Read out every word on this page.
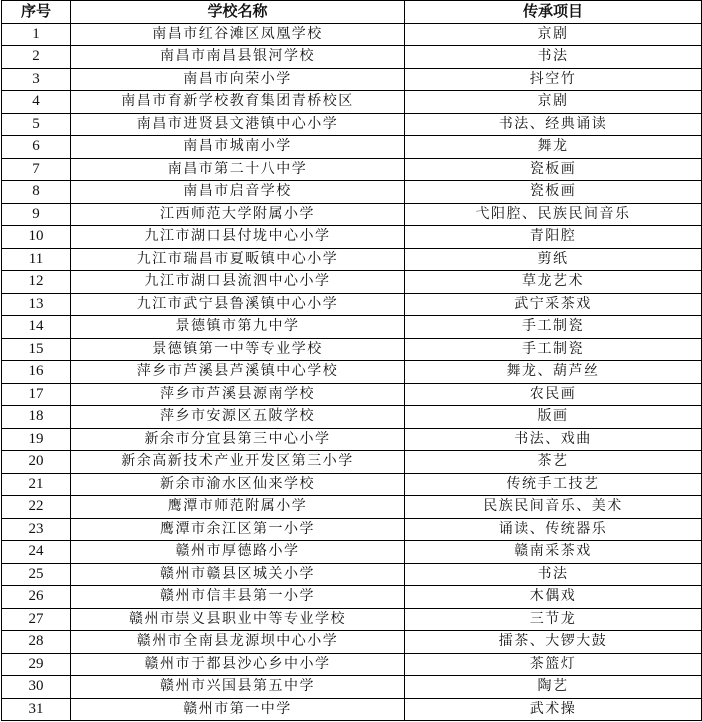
序号	学校名称	传承项目
1	南昌市红谷滩区凤凰学校	京剧
2	南昌市南昌县银河学校	书法
3	南昌市向荣小学	抖空竹
4	南昌市育新学校教育集团青桥校区	京剧
5	南昌市进贤县文港镇中心小学	书法、经典诵读
6	南昌市城南小学	舞龙
7	南昌市第二十八中学	瓷板画
8	南昌市启音学校	瓷板画
9	江西师范大学附属小学	弋阳腔、民族民间音乐
10	九江市湖口县付垅中心小学	青阳腔
11	九江市瑞昌市夏畈镇中心小学	剪纸
12	九江市湖口县流泗中心小学	草龙艺术
13	九江市武宁县鲁溪镇中心小学	武宁采茶戏
14	景德镇市第九中学	手工制瓷
15	景德镇第一中等专业学校	手工制瓷
16	萍乡市芦溪县芦溪镇中心学校	舞龙、葫芦丝
17	萍乡市芦溪县源南学校	农民画
18	萍乡市安源区五陂学校	版画
19	新余市分宜县第三中心小学	书法、戏曲
20	新余高新技术产业开发区第三小学	茶艺
21	新余市渝水区仙来学校	传统手工技艺
22	鹰潭市师范附属小学	民族民间音乐、美术
23	鹰潭市余江区第一小学	诵读、传统器乐
24	赣州市厚德路小学	赣南采茶戏
25	赣州市赣县区城关小学	书法
26	赣州市信丰县第一小学	木偶戏
27	赣州市崇义县职业中等专业学校	三节龙
28	赣州市全南县龙源坝中心小学	擂茶、大锣大鼓
29	赣州市于都县沙心乡中小学	茶篮灯
30	赣州市兴国县第五中学	陶艺
31	赣州市第一中学	武术操
